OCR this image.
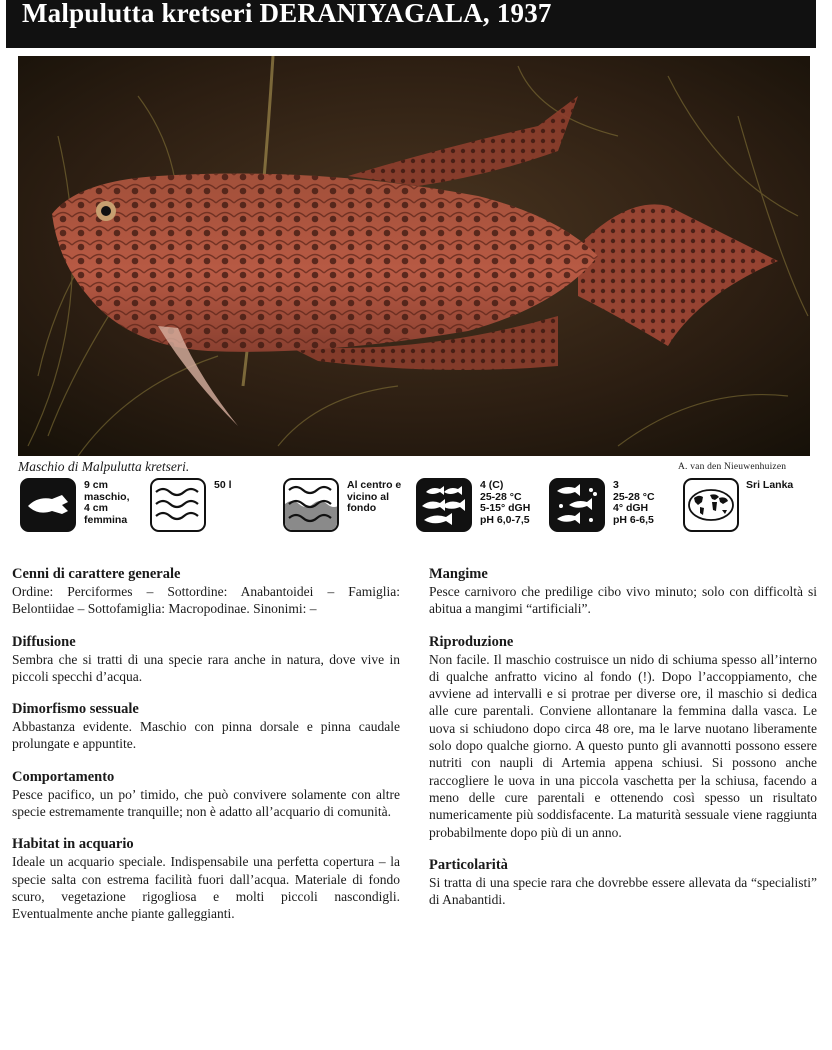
Malpulutta kretseri DERANIYAGALA, 1937
Maschio di Malpulutta kretseri.	A. van den Nieuwenhuizen
9 cm
maschio,
4 cm
femmina
50 l	Al centro e
vicino al
fondo
4 (C)
25-28 °C
5-15° dGH
pH 6,0-7,5
3
25-28 °C
4° dGH
pH 6-6,5
Sri Lanka
Cenni di carattere generale

Ordine: Perciformes – Sottordine: Anabantoidei – Famiglia: Belontiidae – Sottofamiglia: Macropodinae. Sinonimi: –

Diffusione

Sembra che si tratti di una specie rara anche in natura, dove vive in piccoli specchi d’acqua.

Dimorfismo sessuale

Abbastanza evidente. Maschio con pinna dorsale e pinna caudale prolungate e appuntite.

Comportamento

Pesce pacifico, un po’ timido, che può convivere solamente con altre specie estremamente tranquille; non è adatto all’acquario di comunità.

Habitat in acquario

Ideale un acquario speciale. Indispensabile una perfetta copertura – la specie salta con estrema facilità fuori dall’acqua. Materiale di fondo scuro, vegetazione rigogliosa e molti piccoli nascondigli. Eventualmente anche piante galleggianti.

Mangime

Pesce carnivoro che predilige cibo vivo minuto; solo con difficoltà si abitua a mangimi “artificiali”.

Riproduzione

Non facile. Il maschio costruisce un nido di schiuma spesso all’interno di qualche anfratto vicino al fondo (!). Dopo l’accoppiamento, che avviene ad intervalli e si protrae per diverse ore, il maschio si dedica alle cure parentali. Conviene allontanare la femmina dalla vasca. Le uova si schiudono dopo circa 48 ore, ma le larve nuotano liberamente solo dopo qualche giorno. A questo punto gli avannotti possono essere nutriti con naupli di Artemia appena schiusi. Si possono anche raccogliere le uova in una piccola vaschetta per la schiusa, facendo a meno delle cure parentali e ottenendo così spesso un risultato numericamente più soddisfacente. La maturità sessuale viene raggiunta probabilmente dopo più di un anno.

Particolarità

Si tratta di una specie rara che dovrebbe essere allevata da “specialisti” di Anabantidi.
